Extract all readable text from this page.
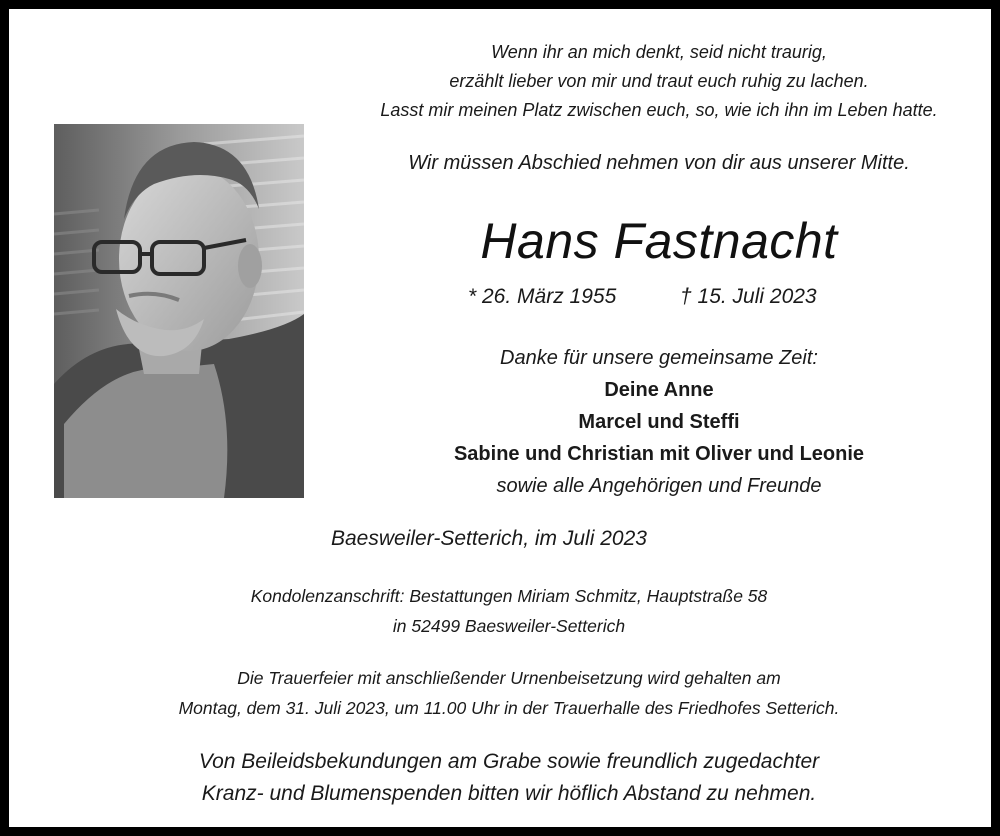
Wenn ihr an mich denkt, seid nicht traurig,
erzählt lieber von mir und traut euch ruhig zu lachen.
Lasst mir meinen Platz zwischen euch, so, wie ich ihn im Leben hatte.
Wir müssen Abschied nehmen von dir aus unserer Mitte.
Hans Fastnacht
* 26. März 1955	† 15. Juli 2023
Danke für unsere gemeinsame Zeit:
Deine Anne
Marcel und Steffi
Sabine und Christian mit Oliver und Leonie
sowie alle Angehörigen und Freunde
Baesweiler-Setterich, im Juli 2023
Kondolenzanschrift: Bestattungen Miriam Schmitz, Hauptstraße 58
in 52499 Baesweiler-Setterich
Die Trauerfeier mit anschließender Urnenbeisetzung wird gehalten am
Montag, dem 31. Juli 2023, um 11.00 Uhr in der Trauerhalle des Friedhofes Setterich.
Von Beileidsbekundungen am Grabe sowie freundlich zugedachter
Kranz- und Blumenspenden bitten wir höflich Abstand zu nehmen.
